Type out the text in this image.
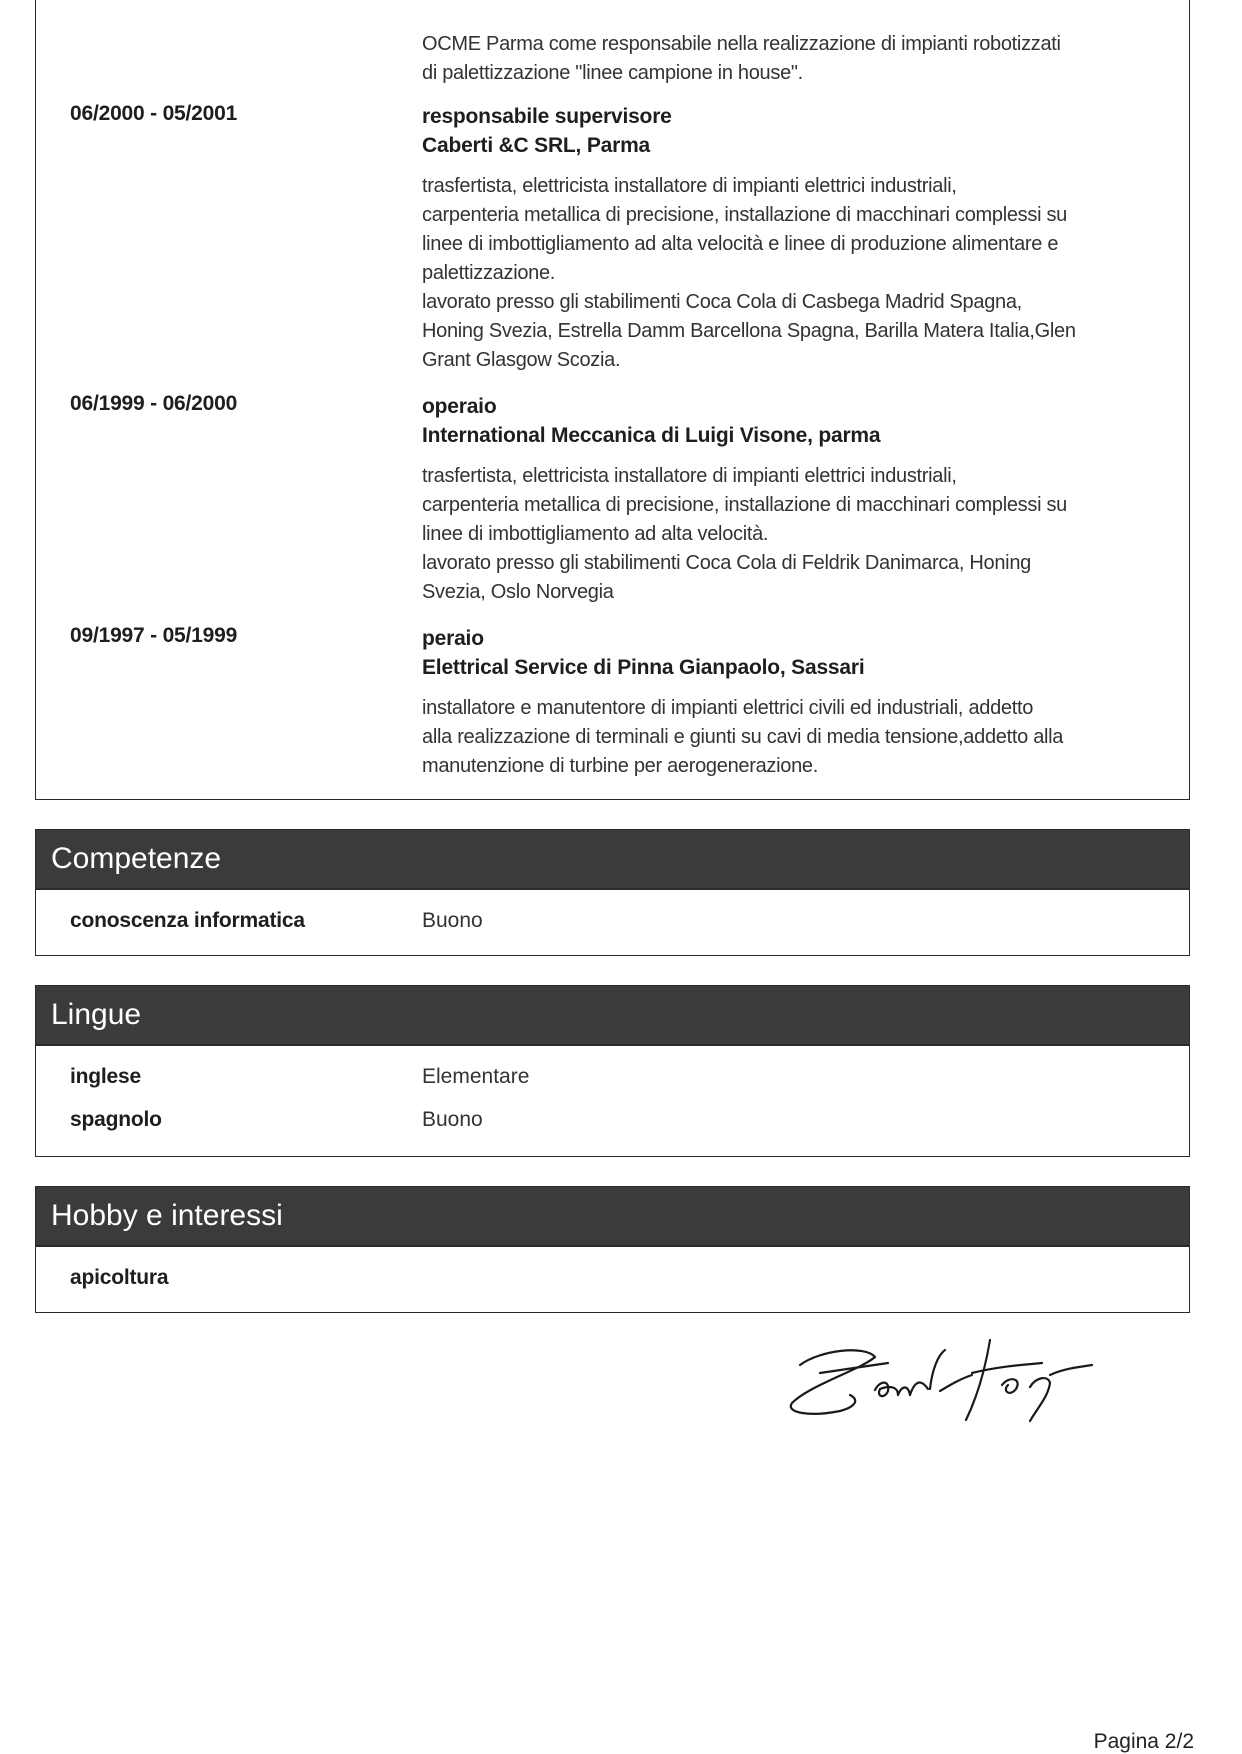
OCME Parma come responsabile nella realizzazione di impianti robotizzati

di palettizzazione "linee campione in house".

06/2000 - 05/2001	responsabile supervisore
Caberti &C SRL, Parma

trasfertista, elettricista installatore di impianti elettrici industriali,

carpenteria metallica di precisione, installazione di macchinari complessi su

linee di imbottigliamento ad alta velocità e linee di produzione alimentare e

palettizzazione.

lavorato presso gli stabilimenti Coca Cola di Casbega Madrid Spagna,

Honing Svezia, Estrella Damm Barcellona Spagna, Barilla Matera Italia,Glen

Grant Glasgow Scozia.

06/1999 - 06/2000	operaio
International Meccanica di Luigi Visone, parma

trasfertista, elettricista installatore di impianti elettrici industriali,

carpenteria metallica di precisione, installazione di macchinari complessi su

linee di imbottigliamento ad alta velocità.

lavorato presso gli stabilimenti Coca Cola di Feldrik Danimarca, Honing

Svezia, Oslo Norvegia

09/1997 - 05/1999	peraio
Elettrical Service di Pinna Gianpaolo, Sassari

installatore e manutentore di impianti elettrici civili ed industriali, addetto

alla realizzazione di terminali e giunti su cavi di media tensione,addetto alla

manutenzione di turbine per aerogenerazione.

Competenze
conoscenza informatica	Buono
Lingue
inglese	Elementare
spagnolo	Buono
Hobby e interessi
apicoltura
Pagina 2/2
